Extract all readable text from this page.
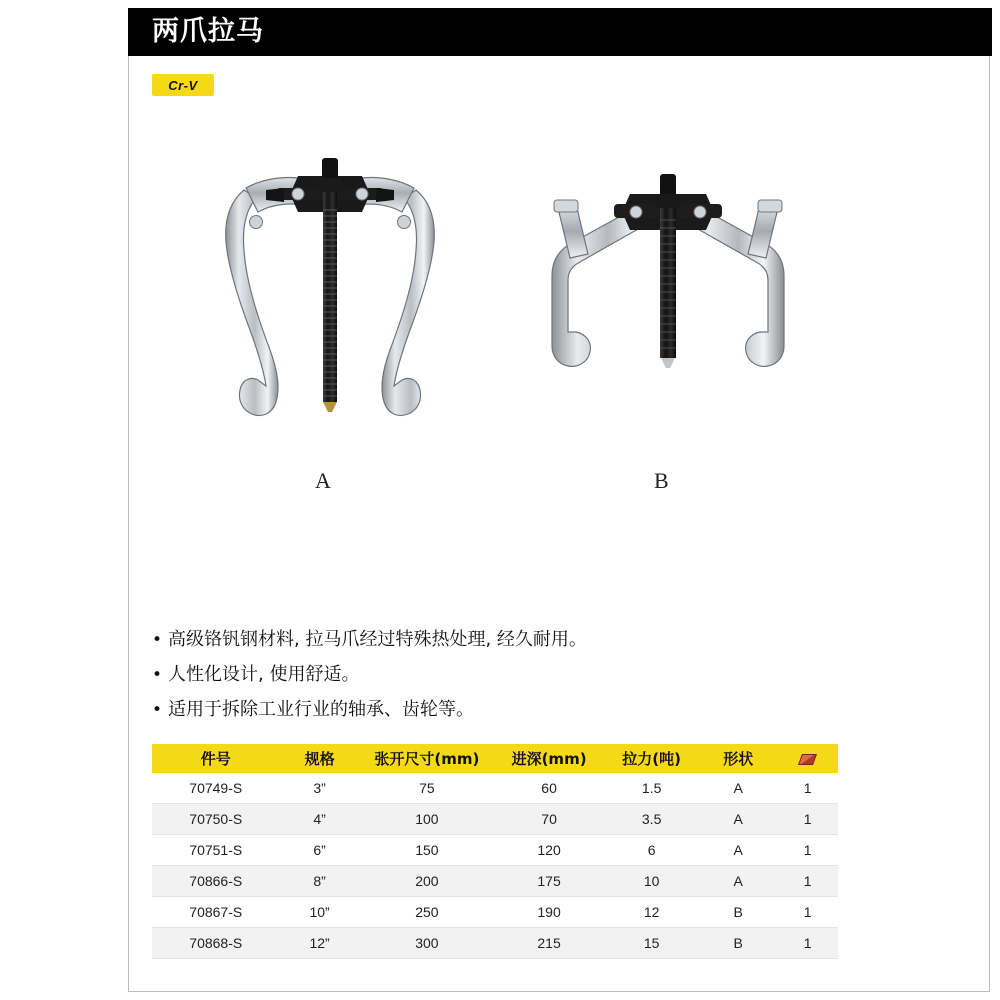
两爪拉马
Cr-V
A	B
• 高级铬钒钢材料, 拉马爪经过特殊热处理, 经久耐用。
• 人性化设计, 使用舒适。
• 适用于拆除工业行业的轴承、齿轮等。
件号	规格	张开尺寸(mm)	进深(mm)	拉力(吨)	形状	
70749-S	3”	75	60	1.5	A	1
70750-S	4”	100	70	3.5	A	1
70751-S	6”	150	120	6	A	1
70866-S	8”	200	175	10	A	1
70867-S	10”	250	190	12	B	1
70868-S	12”	300	215	15	B	1
